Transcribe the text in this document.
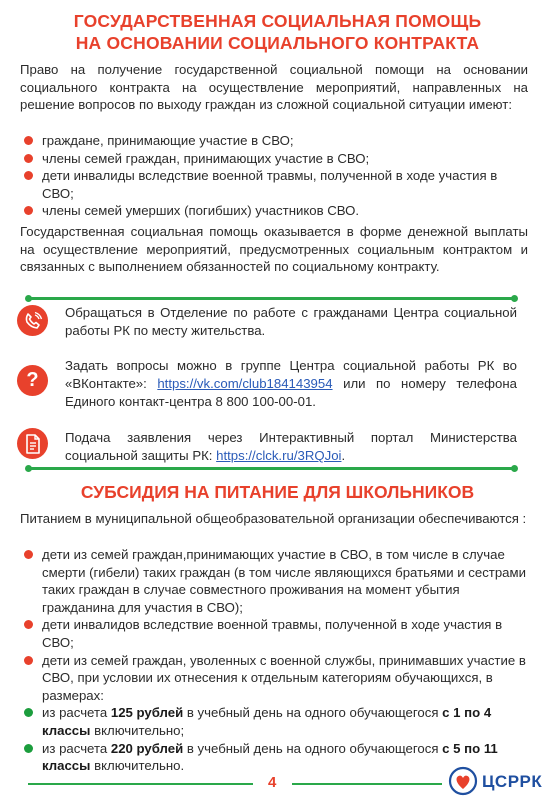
ГОСУДАРСТВЕННАЯ СОЦИАЛЬНАЯ ПОМОЩЬ
НА ОСНОВАНИИ СОЦИАЛЬНОГО КОНТРАКТА

Право на получение государственной социальной помощи на основании социального контракта на осуществление мероприятий, направленных на решение вопросов по выходу граждан из сложной социальной ситуации имеют:

граждане, принимающие участие в СВО;
члены семей граждан, принимающих участие в СВО;
дети инвалиды вследствие военной травмы, полученной в ходе участия в СВО;
члены семей умерших (погибших) участников СВО.

Государственная социальная помощь оказывается в форме денежной выплаты на осуществление мероприятий, предусмотренных социальным контрактом и связанных с выполнением обязанностей по социальному контракту.

Обращаться в Отделение по работе с гражданами Центра социальной работы РК по месту жительства.

?

Задать вопросы можно в группе Центра социальной работы РК во «ВКонтакте»: https://vk.com/club184143954 или по номеру телефона Единого контакт-центра 8 800 100-00-01.

Подача заявления через Интерактивный портал Министерства социальной защиты РК: https://clck.ru/3RQJoi.

СУБСИДИЯ НА ПИТАНИЕ ДЛЯ ШКОЛЬНИКОВ

Питанием в муниципальной общеобразовательной организации обеспечиваются :

дети из семей граждан,принимающих участие в СВО, в том числе в случае смерти (гибели) таких граждан (в том числе являющихся братьями и сестрами таких граждан в случае совместного проживания на момент убытия гражданина для участия в СВО);
дети инвалидов вследствие военной травмы, полученной в ходе участия в СВО;
дети из семей граждан, уволенных с военной службы, принимавших участие в СВО, при условии их отнесения к отдельным категориям обучающихся, в размерах:
из расчета 125 рублей в учебный день на одного обучающегося с 1 по 4 классы включительно;
из расчета 220 рублей в учебный день на одного обучающегося с 5 по 11 классы включительно.
4	ЦСРРК
